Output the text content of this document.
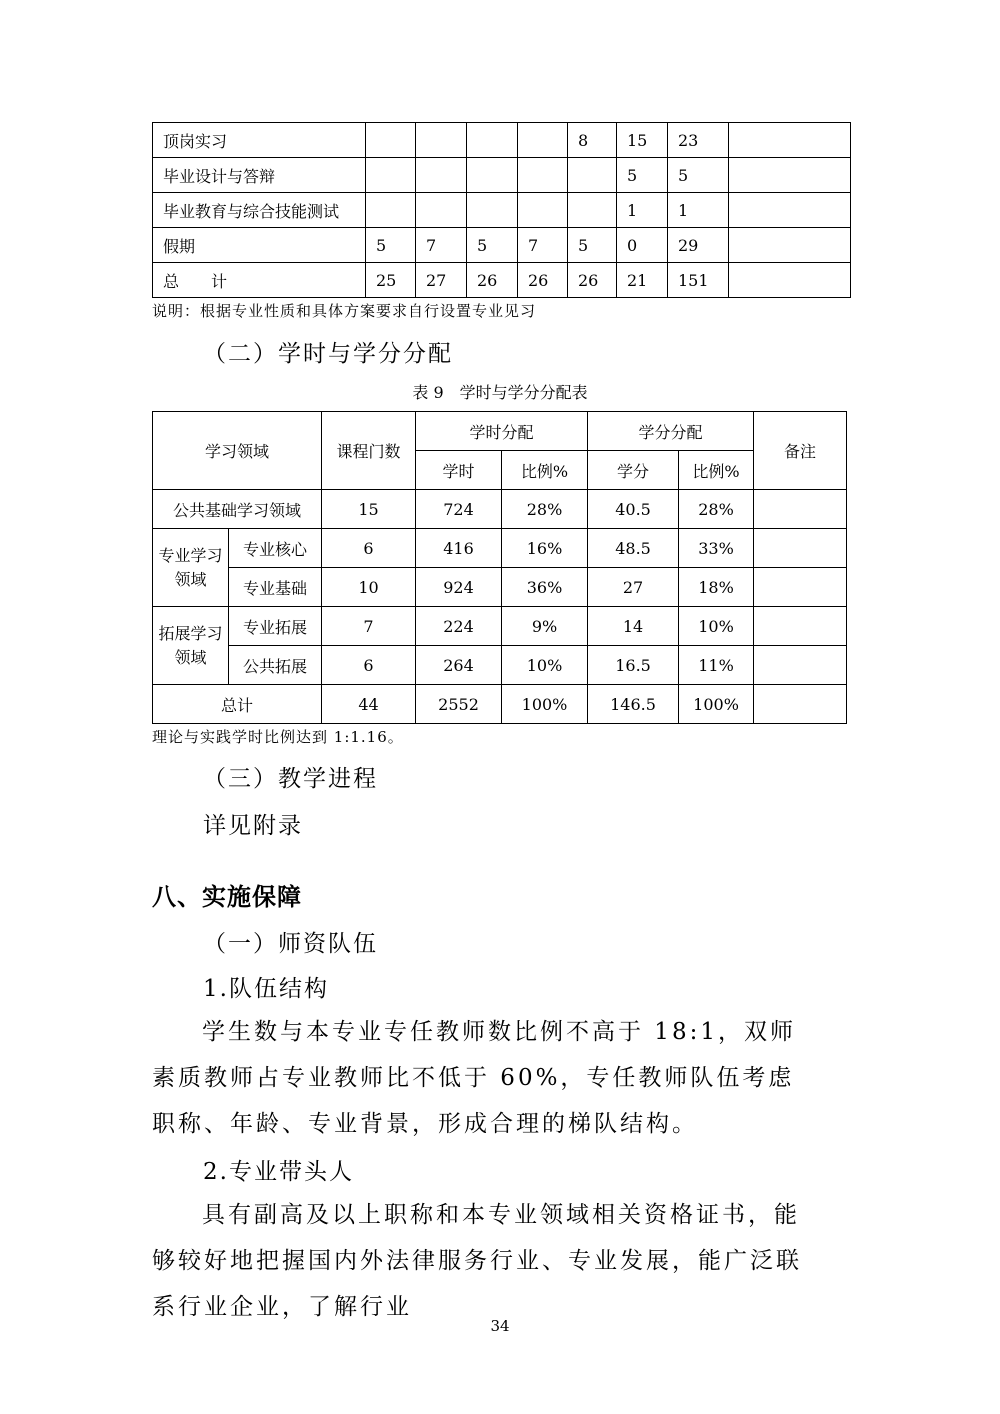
顶岗实习					8	15	23	
毕业设计与答辩						5	5	
毕业教育与综合技能测试						1	1	
假期	5	7	5	7	5	0	29	
总　　计	25	27	26	26	26	21	151	
说明：根据专业性质和具体方案要求自行设置专业见习
（二）学时与学分分配
表 9　学时与学分分配表
学习领域		课程门数	学时分配		学分分配		备注
			学时	比例%	学分	比例%	
公共基础学习领域		15	724	28%	40.5	28%	
专业学习领域	专业核心	6	416	16%	48.5	33%	
	专业基础	10	924	36%	27	18%	
拓展学习领域	专业拓展	7	224	9%	14	10%	
	公共拓展	6	264	10%	16.5	11%	
总计		44	2552	100%	146.5	100%	
理论与实践学时比例达到 1:1.16。
（三）教学进程
详见附录
八、实施保障
（一）师资队伍
1.队伍结构
学生数与本专业专任教师数比例不高于 18:1，双师素质教师占专业教师比不低于 60%，专任教师队伍考虑职称、年龄、专业背景，形成合理的梯队结构。
2.专业带头人
具有副高及以上职称和本专业领域相关资格证书，能够较好地把握国内外法律服务行业、专业发展，能广泛联系行业企业，了解行业
34
